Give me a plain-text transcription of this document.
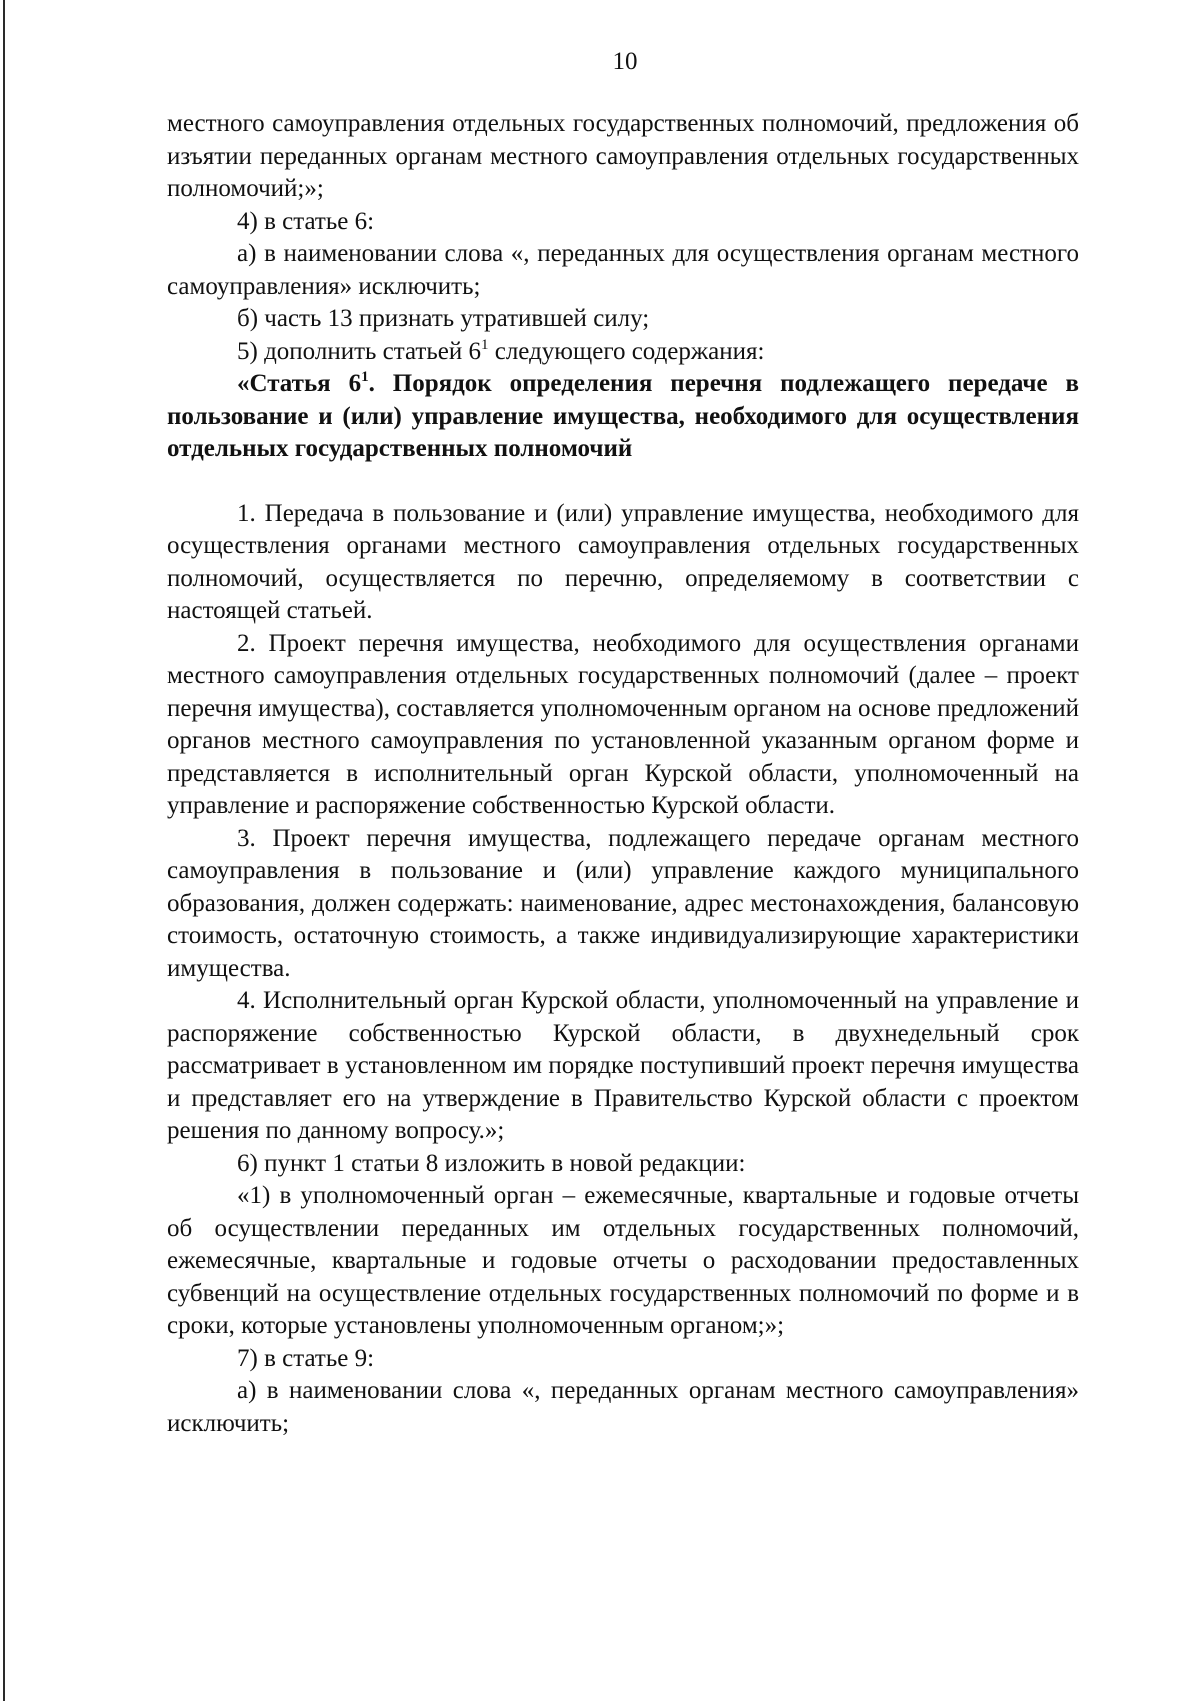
10

местного самоуправления отдельных государственных полномочий, предложения об изъятии переданных органам местного самоуправления отдельных государственных полномочий;»;

4) в статье 6:

а) в наименовании слова «, переданных для осуществления органам местного самоуправления» исключить;

б) часть 13 признать утратившей силу;

5) дополнить статьей $6^1$ следующего содержания:

«Статья $6^1$. Порядок определения перечня подлежащего передаче в пользование и (или) управление имущества, необходимого для осуществления отдельных государственных полномочий

1. Передача в пользование и (или) управление имущества, необходимого для осуществления органами местного самоуправления отдельных государственных полномочий, осуществляется по перечню, определяемому в соответствии с настоящей статьей.

2. Проект перечня имущества, необходимого для осуществления органами местного самоуправления отдельных государственных полномочий (далее – проект перечня имущества), составляется уполномоченным органом на основе предложений органов местного самоуправления по установленной указанным органом форме и представляется в исполнительный орган Курской области, уполномоченный на управление и распоряжение собственностью Курской области.

3. Проект перечня имущества, подлежащего передаче органам местного самоуправления в пользование и (или) управление каждого муниципального образования, должен содержать: наименование, адрес местонахождения, балансовую стоимость, остаточную стоимость, а также индивидуализирующие характеристики имущества.

4. Исполнительный орган Курской области, уполномоченный на управление и распоряжение собственностью Курской области, в двухнедельный срок рассматривает в установленном им порядке поступивший проект перечня имущества и представляет его на утверждение в Правительство Курской области с проектом решения по данному вопросу.»;

6) пункт 1 статьи 8 изложить в новой редакции:

«1) в уполномоченный орган – ежемесячные, квартальные и годовые отчеты об осуществлении переданных им отдельных государственных полномочий, ежемесячные, квартальные и годовые отчеты о расходовании предоставленных субвенций на осуществление отдельных государственных полномочий по форме и в сроки, которые установлены уполномоченным органом;»;

7) в статье 9:

а) в наименовании слова «, переданных органам местного самоуправления» исключить;
